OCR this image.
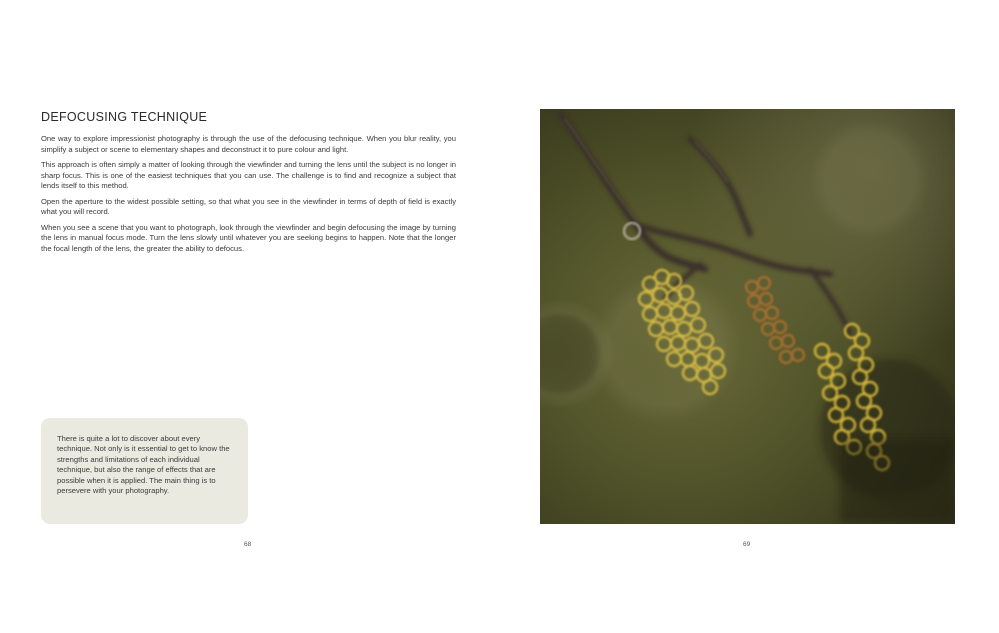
DEFOCUSING TECHNIQUE

One way to explore impressionist photography is through the use of the defocusing technique. When you blur reality, you simplify a subject or scene to elementary shapes and deconstruct it to pure colour and light.

This approach is often simply a matter of looking through the viewfinder and turning the lens until the subject is no longer in sharp focus. This is one of the easiest techniques that you can use. The challenge is to find and recognize a subject that lends itself to this method.

Open the aperture to the widest possible setting, so that what you see in the viewfinder in terms of depth of field is exactly what you will record.

When you see a scene that you want to photograph, look through the viewfinder and begin defocusing the image by turning the lens in manual focus mode. Turn the lens slowly until whatever you are seeking begins to happen. Note that the longer the focal length of the lens, the greater the ability to defocus.

There is quite a lot to discover about every technique. Not only is it essential to get to know the strengths and limitations of each individual technique, but also the range of effects that are possible when it is applied. The main thing is to persevere with your photography.

68	69
